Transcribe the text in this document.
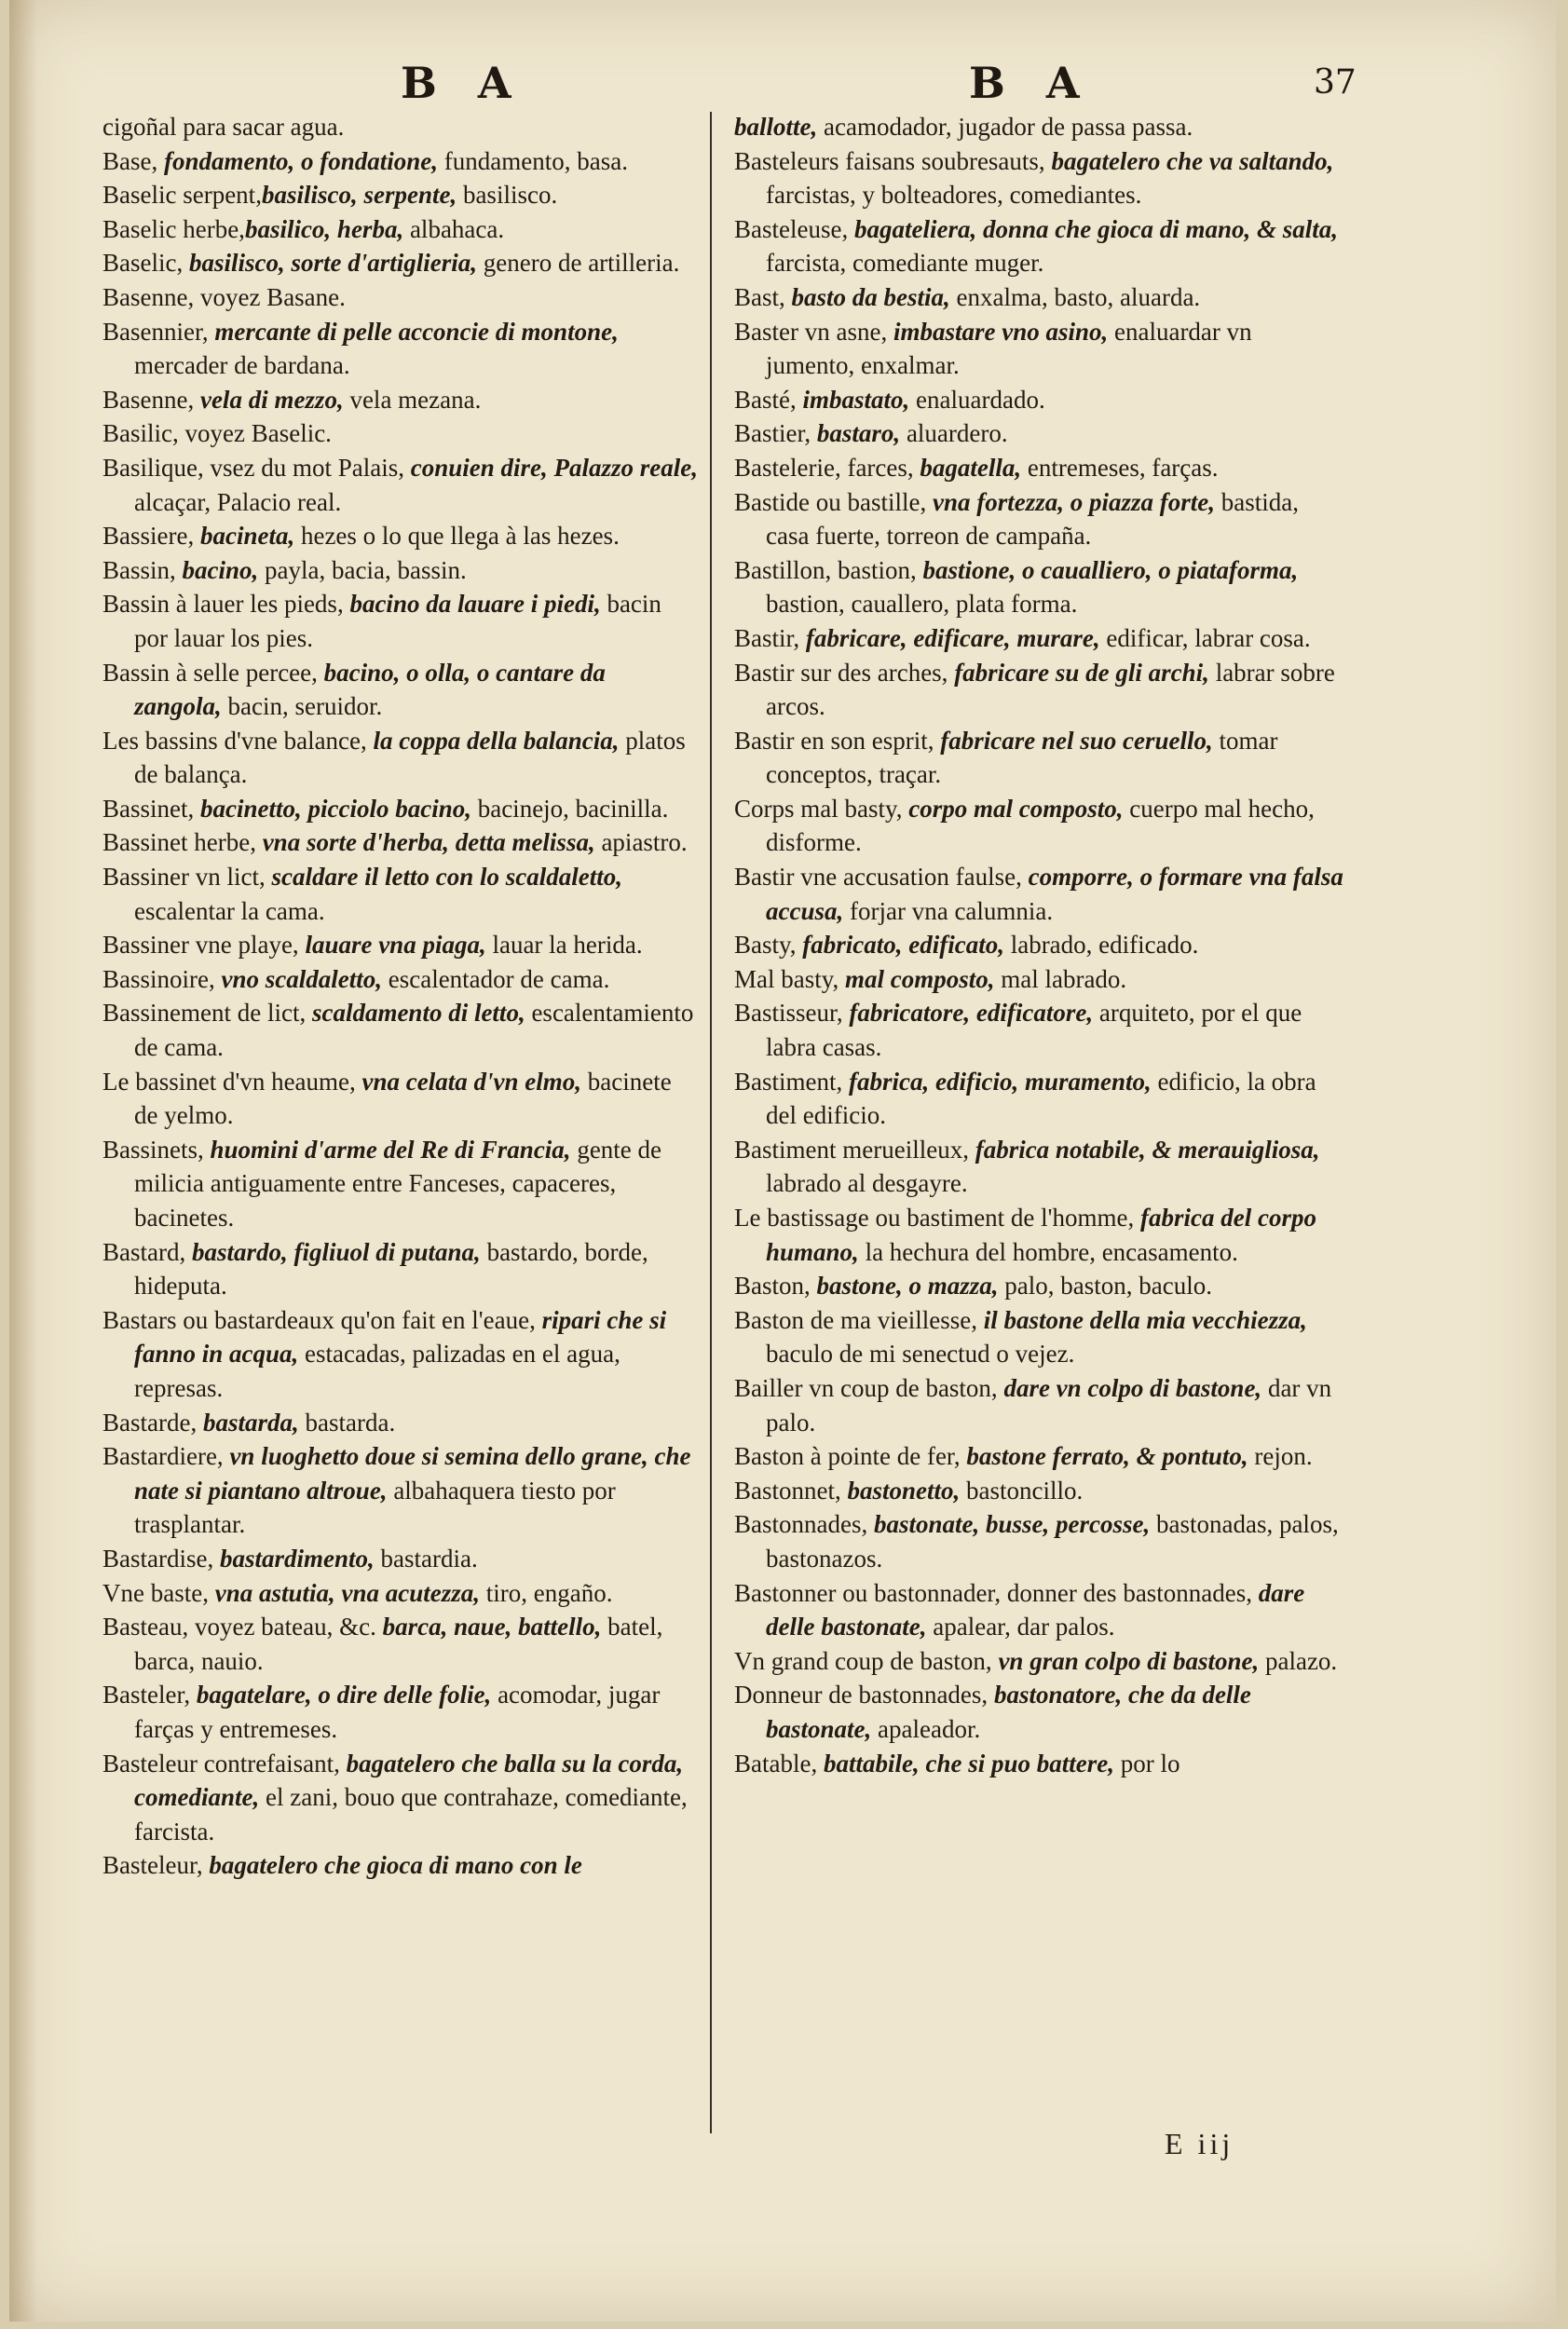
B A	B A	37
cigoñal para sacar agua.
Base, fondamento, o fondatione, fundamento, basa.
Baselic serpent,basilisco, serpente, basilisco.
Baselic herbe,basilico, herba, albahaca.
Baselic, basilisco, sorte d'artiglieria, genero de artilleria.
Basenne, voyez Basane.
Basennier, mercante di pelle acconcie di montone, mercader de bardana.
Basenne, vela di mezzo, vela mezana.
Basilic, voyez Baselic.
Basilique, vsez du mot Palais, conuien dire, Palazzo reale, alcaçar, Palacio real.
Bassiere, bacineta, hezes o lo que llega à las hezes.
Bassin, bacino, payla, bacia, bassin.
Bassin à lauer les pieds, bacino da lauare i piedi, bacin por lauar los pies.
Bassin à selle percee, bacino, o olla, o cantare da zangola, bacin, seruidor.
Les bassins d'vne balance, la coppa della balancia, platos de balança.
Bassinet, bacinetto, picciolo bacino, bacinejo, bacinilla.
Bassinet herbe, vna sorte d'herba, detta melissa, apiastro.
Bassiner vn lict, scaldare il letto con lo scaldaletto, escalentar la cama.
Bassiner vne playe, lauare vna piaga, lauar la herida.
Bassinoire, vno scaldaletto, escalentador de cama.
Bassinement de lict, scaldamento di letto, escalentamiento de cama.
Le bassinet d'vn heaume, vna celata d'vn elmo, bacinete de yelmo.
Bassinets, huomini d'arme del Re di Francia, gente de milicia antiguamente entre Fanceses, capaceres, bacinetes.
Bastard, bastardo, figliuol di putana, bastardo, borde, hideputa.
Bastars ou bastardeaux qu'on fait en l'eaue, ripari che si fanno in acqua, estacadas, palizadas en el agua, represas.
Bastarde, bastarda, bastarda.
Bastardiere, vn luoghetto doue si semina dello grane, che nate si piantano altroue, albahaquera tiesto por trasplantar.
Bastardise, bastardimento, bastardia.
Vne baste, vna astutia, vna acutezza, tiro, engaño.
Basteau, voyez bateau, &c. barca, naue, battello, batel, barca, nauio.
Basteler, bagatelare, o dire delle folie, acomodar, jugar farças y entremeses.
Basteleur contrefaisant, bagatelero che balla su la corda, comediante, el zani, bouo que contrahaze, comediante, farcista.
Basteleur, bagatelero che gioca di mano con le
ballotte, acamodador, jugador de passa passa.
Basteleurs faisans soubresauts, bagatelero che va saltando, farcistas, y bolteadores, comediantes.
Basteleuse, bagateliera, donna che gioca di mano, & salta, farcista, comediante muger.
Bast, basto da bestia, enxalma, basto, aluarda.
Baster vn asne, imbastare vno asino, enaluardar vn jumento, enxalmar.
Basté, imbastato, enaluardado.
Bastier, bastaro, aluardero.
Bastelerie, farces, bagatella, entremeses, farças.
Bastide ou bastille, vna fortezza, o piazza forte, bastida, casa fuerte, torreon de campaña.
Bastillon, bastion, bastione, o caualliero, o piataforma, bastion, cauallero, plata forma.
Bastir, fabricare, edificare, murare, edificar, labrar cosa.
Bastir sur des arches, fabricare su de gli archi, labrar sobre arcos.
Bastir en son esprit, fabricare nel suo ceruello, tomar conceptos, traçar.
Corps mal basty, corpo mal composto, cuerpo mal hecho, disforme.
Bastir vne accusation faulse, comporre, o formare vna falsa accusa, forjar vna calumnia.
Basty, fabricato, edificato, labrado, edificado.
Mal basty, mal composto, mal labrado.
Bastisseur, fabricatore, edificatore, arquiteto, por el que labra casas.
Bastiment, fabrica, edificio, muramento, edificio, la obra del edificio.
Bastiment merueilleux, fabrica notabile, & merauigliosa, labrado al desgayre.
Le bastissage ou bastiment de l'homme, fabrica del corpo humano, la hechura del hombre, encasamento.
Baston, bastone, o mazza, palo, baston, baculo.
Baston de ma vieillesse, il bastone della mia vecchiezza, baculo de mi senectud o vejez.
Bailler vn coup de baston, dare vn colpo di bastone, dar vn palo.
Baston à pointe de fer, bastone ferrato, & pontuto, rejon.
Bastonnet, bastonetto, bastoncillo.
Bastonnades, bastonate, busse, percosse, bastonadas, palos, bastonazos.
Bastonner ou bastonnader, donner des bastonnades, dare delle bastonate, apalear, dar palos.
Vn grand coup de baston, vn gran colpo di bastone, palazo.
Donneur de bastonnades, bastonatore, che da delle bastonate, apaleador.
Batable, battabile, che si puo battere, por lo
E iij
